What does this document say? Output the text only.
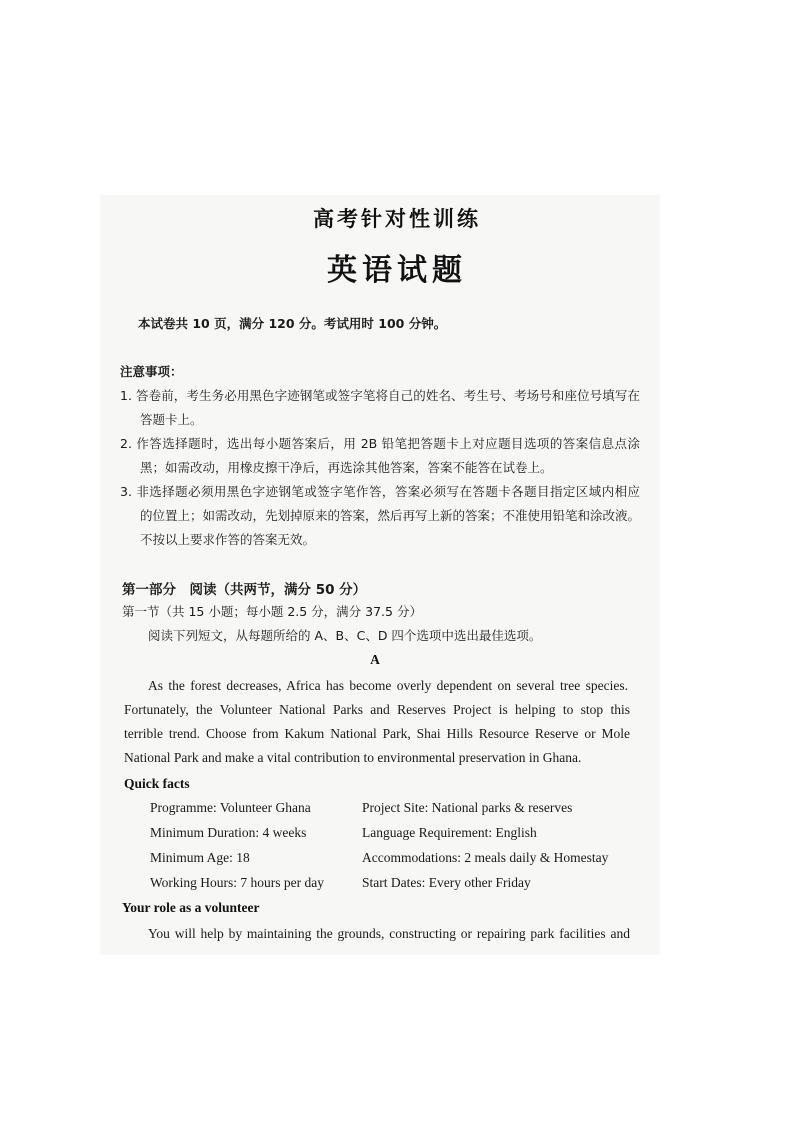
高考针对性训练
英语试题
本试卷共 10 页，满分 120 分。考试用时 100 分钟。
注意事项：
1. 答卷前，考生务必用黑色字迹钢笔或签字笔将自己的姓名、考生号、考场号和座位号填写在
答题卡上。
2. 作答选择题时，选出每小题答案后，用 2B 铅笔把答题卡上对应题目选项的答案信息点涂
黑；如需改动，用橡皮擦干净后，再选涂其他答案，答案不能答在试卷上。
3. 非选择题必须用黑色字迹钢笔或签字笔作答，答案必须写在答题卡各题目指定区域内相应
的位置上；如需改动，先划掉原来的答案，然后再写上新的答案；不准使用铅笔和涂改液。
不按以上要求作答的答案无效。
第一部分　阅读（共两节，满分 50 分）
第一节（共 15 小题；每小题 2.5 分，满分 37.5 分）
阅读下列短文，从每题所给的 A、B、C、D 四个选项中选出最佳选项。
A
As the forest decreases, Africa has become overly dependent on several tree species.
Fortunately, the Volunteer National Parks and Reserves Project is helping to stop this
terrible trend. Choose from Kakum National Park, Shai Hills Resource Reserve or Mole
National Park and make a vital contribution to environmental preservation in Ghana.
Quick facts
Programme: Volunteer Ghana	Project Site: National parks & reserves
Minimum Duration: 4 weeks	Language Requirement: English
Minimum Age: 18	Accommodations: 2 meals daily & Homestay
Working Hours: 7 hours per day	Start Dates: Every other Friday
Your role as a volunteer
You will help by maintaining the grounds, constructing or repairing park facilities and
